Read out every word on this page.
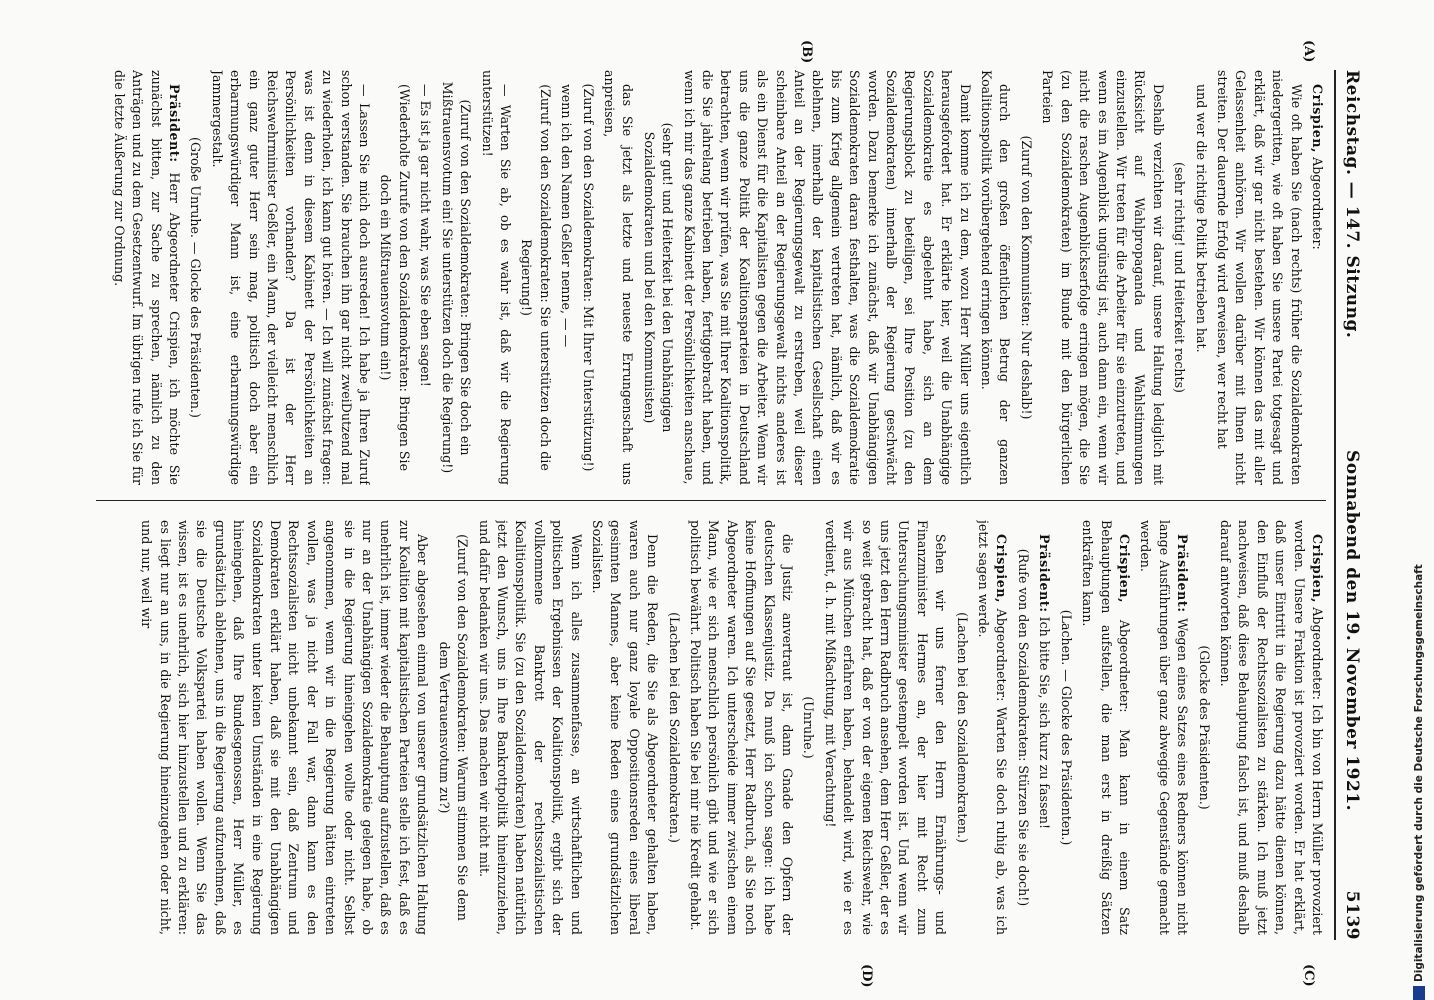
Reichstag. — 147. Sitzung.
Sonnabend den 19. November 1921.
5139
(A)
(B)
(C)
(D)

Crispien, Abgeordneter:

Wie oft haben Sie (nach rechts) früher die Sozialdemokraten niedergeritten, wie oft haben Sie unsere Partei totgesagt und erklärt, daß wir gar nicht bestehen. Wir können das mit aller Gelassenheit anhören. Wir wollen darüber mit Ihnen nicht streiten. Der dauernde Erfolg wird erweisen, wer recht hat

und wer die richtige Politik betrieben hat.

(sehr richtig! und Heiterkeit rechts)

Deshalb verzichten wir darauf, unsere Haltung lediglich mit Rücksicht auf Wahlpropaganda und Wahlstimmungen einzustellen. Wir treten für die Arbeiter für sie einzutreten, und wenn es im Augenblick ungünstig ist, auch dann ein, wenn wir nicht die raschen Augenblickserfolge erringen mögen, die Sie (zu den Sozialdemokraten) im Bunde mit den bürgerlichen Parteien

(Zuruf von den Kommunisten: Nur deshalb!)

durch den großen öffentlichen Betrug der ganzen Koalitionspolitik vorübergehend erringen können.

Damit komme ich zu dem, wozu Herr Müller uns eigentlich herausgefordert hat. Er erklärte hier, weil die Unabhängige Sozialdemokratie es abgelehnt habe, sich an dem Regierungsblock zu beteiligen, sei Ihre Position (zu den Sozialdemokraten) innerhalb der Regierung geschwächt worden. Dazu bemerke ich zunächst, daß wir Unabhängigen Sozialdemokraten daran festhalten, was die Sozialdemokratie bis zum Krieg allgemein vertreten hat, nämlich, daß wir es ablehnen, innerhalb der kapitalistischen Gesellschaft einen Anteil an der Regierungsgewalt zu erstreben, weil dieser scheinbare Anteil an der Regierungsgewalt nichts anderes ist als ein Dienst für die Kapitalisten gegen die Arbeiter. Wenn wir uns die ganze Politik der Koalitionsparteien in Deutschland betrachten, wenn wir prüfen, was Sie mit Ihrer Koalitionspolitik, die Sie jahrelang betrieben haben, fertiggebracht haben, und wenn ich mir das ganze Kabinett der Persönlichkeiten anschaue,

(sehr gut! und Heiterkeit bei den Unabhängigen Sozialdemokraten und bei den Kommunisten)

das Sie jetzt als letzte und neueste Errungenschaft uns anpreisen,

(Zuruf von den Sozialdemokraten: Mit Ihrer Unterstützung!)

wenn ich den Namen Geßler nenne, — —

(Zuruf von den Sozialdemokraten: Sie unterstützen doch die Regierung!)

— Warten Sie ab, ob es wahr ist, daß wir die Regierung unterstützen!

(Zuruf von den Sozialdemokraten: Bringen Sie doch ein Mißtrauensvotum ein! Sie unterstützen doch die Regierung!)

— Es ist ja gar nicht wahr, was Sie eben sagen!

(Wiederholte Zurufe von den Sozialdemokraten: Bringen Sie doch ein Mißtrauensvotum ein!)

— Lassen Sie mich doch ausreden! Ich habe ja Ihren Zuruf schon verstanden. Sie brauchen ihn gar nicht zweiDutzend mal zu wiederholen, ich kann gut hören. — Ich will zunächst fragen: was ist denn in diesem Kabinett der Persönlichkeiten an Persönlichkeiten vorhanden? Da ist der Herr Reichswehrminister Geßler, ein Mann, der vielleicht menschlich ein ganz guter Herr sein mag, politisch doch aber ein erbarmungswürdiger Mann ist, eine erbarmungswürdige Jammergestalt.

(Große Unruhe. — Glocke des Präsidenten.)

Präsident: Herr Abgeordneter Crispien, ich möchte Sie zunächst bitten, zur Sache zu sprechen, nämlich zu den Anträgen und zu dem Gesetzentwurf. Im übrigen rufe ich Sie für die letzte Äußerung zur Ordnung.

Crispien, Abgeordneter: Ich bin von Herrn Müller provoziert worden. Unsere Fraktion ist provoziert worden. Er hat erklärt, daß unser Eintritt in die Regierung dazu hätte dienen können, den Einfluß der Rechtssozialisten zu stärken. Ich muß jetzt nachweisen, daß diese Behauptung falsch ist, und muß deshalb darauf antworten können.

(Glocke des Präsidenten.)

Präsident: Wegen eines Satzes eines Redners können nicht lange Ausführungen über ganz abwegige Gegenstände gemacht werden.

Crispien, Abgeordneter: Man kann in einem Satz Behauptungen aufstellen, die man erst in dreißig Sätzen entkräften kann.

(Lachen. — Glocke des Präsidenten.)

Präsident: Ich bitte Sie, sich kurz zu fassen!

(Rufe von den Sozialdemokraten: Stürzen Sie sie doch!)

Crispien, Abgeordneter: Warten Sie doch ruhig ab, was ich jetzt sagen werde.

(Lachen bei den Sozialdemokraten.)

Sehen wir uns ferner den Herrn Ernährungs- und Finanzminister Hermes an, der hier mit Recht zum Untersuchungsminister gestempelt worden ist. Und wenn wir uns jetzt den Herrn Radbruch ansehen, dem Herr Geßler, der es so weit gebracht hat, daß er von der eigenen Reichswehr, wie wir aus München erfahren haben, behandelt wird, wie er es verdient, d. h. mit Mißachtung, mit Verachtung!

(Unruhe.)

die Justiz anvertraut ist, dann Gnade den Opfern der deutschen Klassenjustiz. Da muß ich schon sagen: ich habe keine Hoffnungen auf Sie gesetzt, Herr Radbruch, als Sie noch Abgeordneter waren. Ich unterscheide immer zwischen einem Mann, wie er sich menschlich persönlich gibt und wie er sich politisch bewährt. Politisch haben Sie bei mir nie Kredit gehabt.

(Lachen bei den Sozialdemokraten.)

Denn die Reden, die Sie als Abgeordneter gehalten haben, waren auch nur ganz loyale Oppositionsreden eines liberal gesinnten Mannes, aber keine Reden eines grundsätzlichen Sozialisten.

Wenn ich alles zusammenfasse, an wirtschaftlichen und politischen Ergebnissen der Koalitionspolitik, ergibt sich der vollkommene Bankrott der rechtssozialistischen Koalitionspolitik. Sie (zu den Sozialdemokraten) haben natürlich jetzt den Wunsch, uns in Ihre Bankrottpolitik hineinzuziehen, und dafür bedanken wir uns. Das machen wir nicht mit.

(Zuruf von den Sozialdemokraten: Warum stimmen Sie denn dem Vertrauensvotum zu?)

Aber abgesehen einmal von unserer grundsätzlichen Haltung zur Koalition mit kapitalistischen Parteien stelle ich fest, daß es unehrlich ist, immer wieder die Behauptung aufzustellen, daß es nur an der Unabhängigen Sozialdemokratie gelegen habe, ob sie in die Regierung hineingehen wollte oder nicht. Selbst angenommen, wenn wir in die Regierung hätten eintreten wollen, was ja nicht der Fall war, dann kann es den Rechtssozialisten nicht unbekannt sein, daß Zentrum und Demokraten erklärt haben, daß sie mit den Unabhängigen Sozialdemokraten unter keinen Umständen in eine Regierung hineingehen, daß Ihre Bundesgenossen, Herr Müller, es grundsätzlich ablehnen, uns in die Regierung aufzunehmen, daß sie die Deutsche Volkspartei haben wollen. Wenn Sie das wissen, ist es unehrlich, sich hier hinzustellen und zu erklären: es liegt nur an uns, in die Regierung hineinzugehen oder nicht, und nur, weil wir	Digitalisierung gefördert durch die Deutsche Forschungsgemeinschaft
